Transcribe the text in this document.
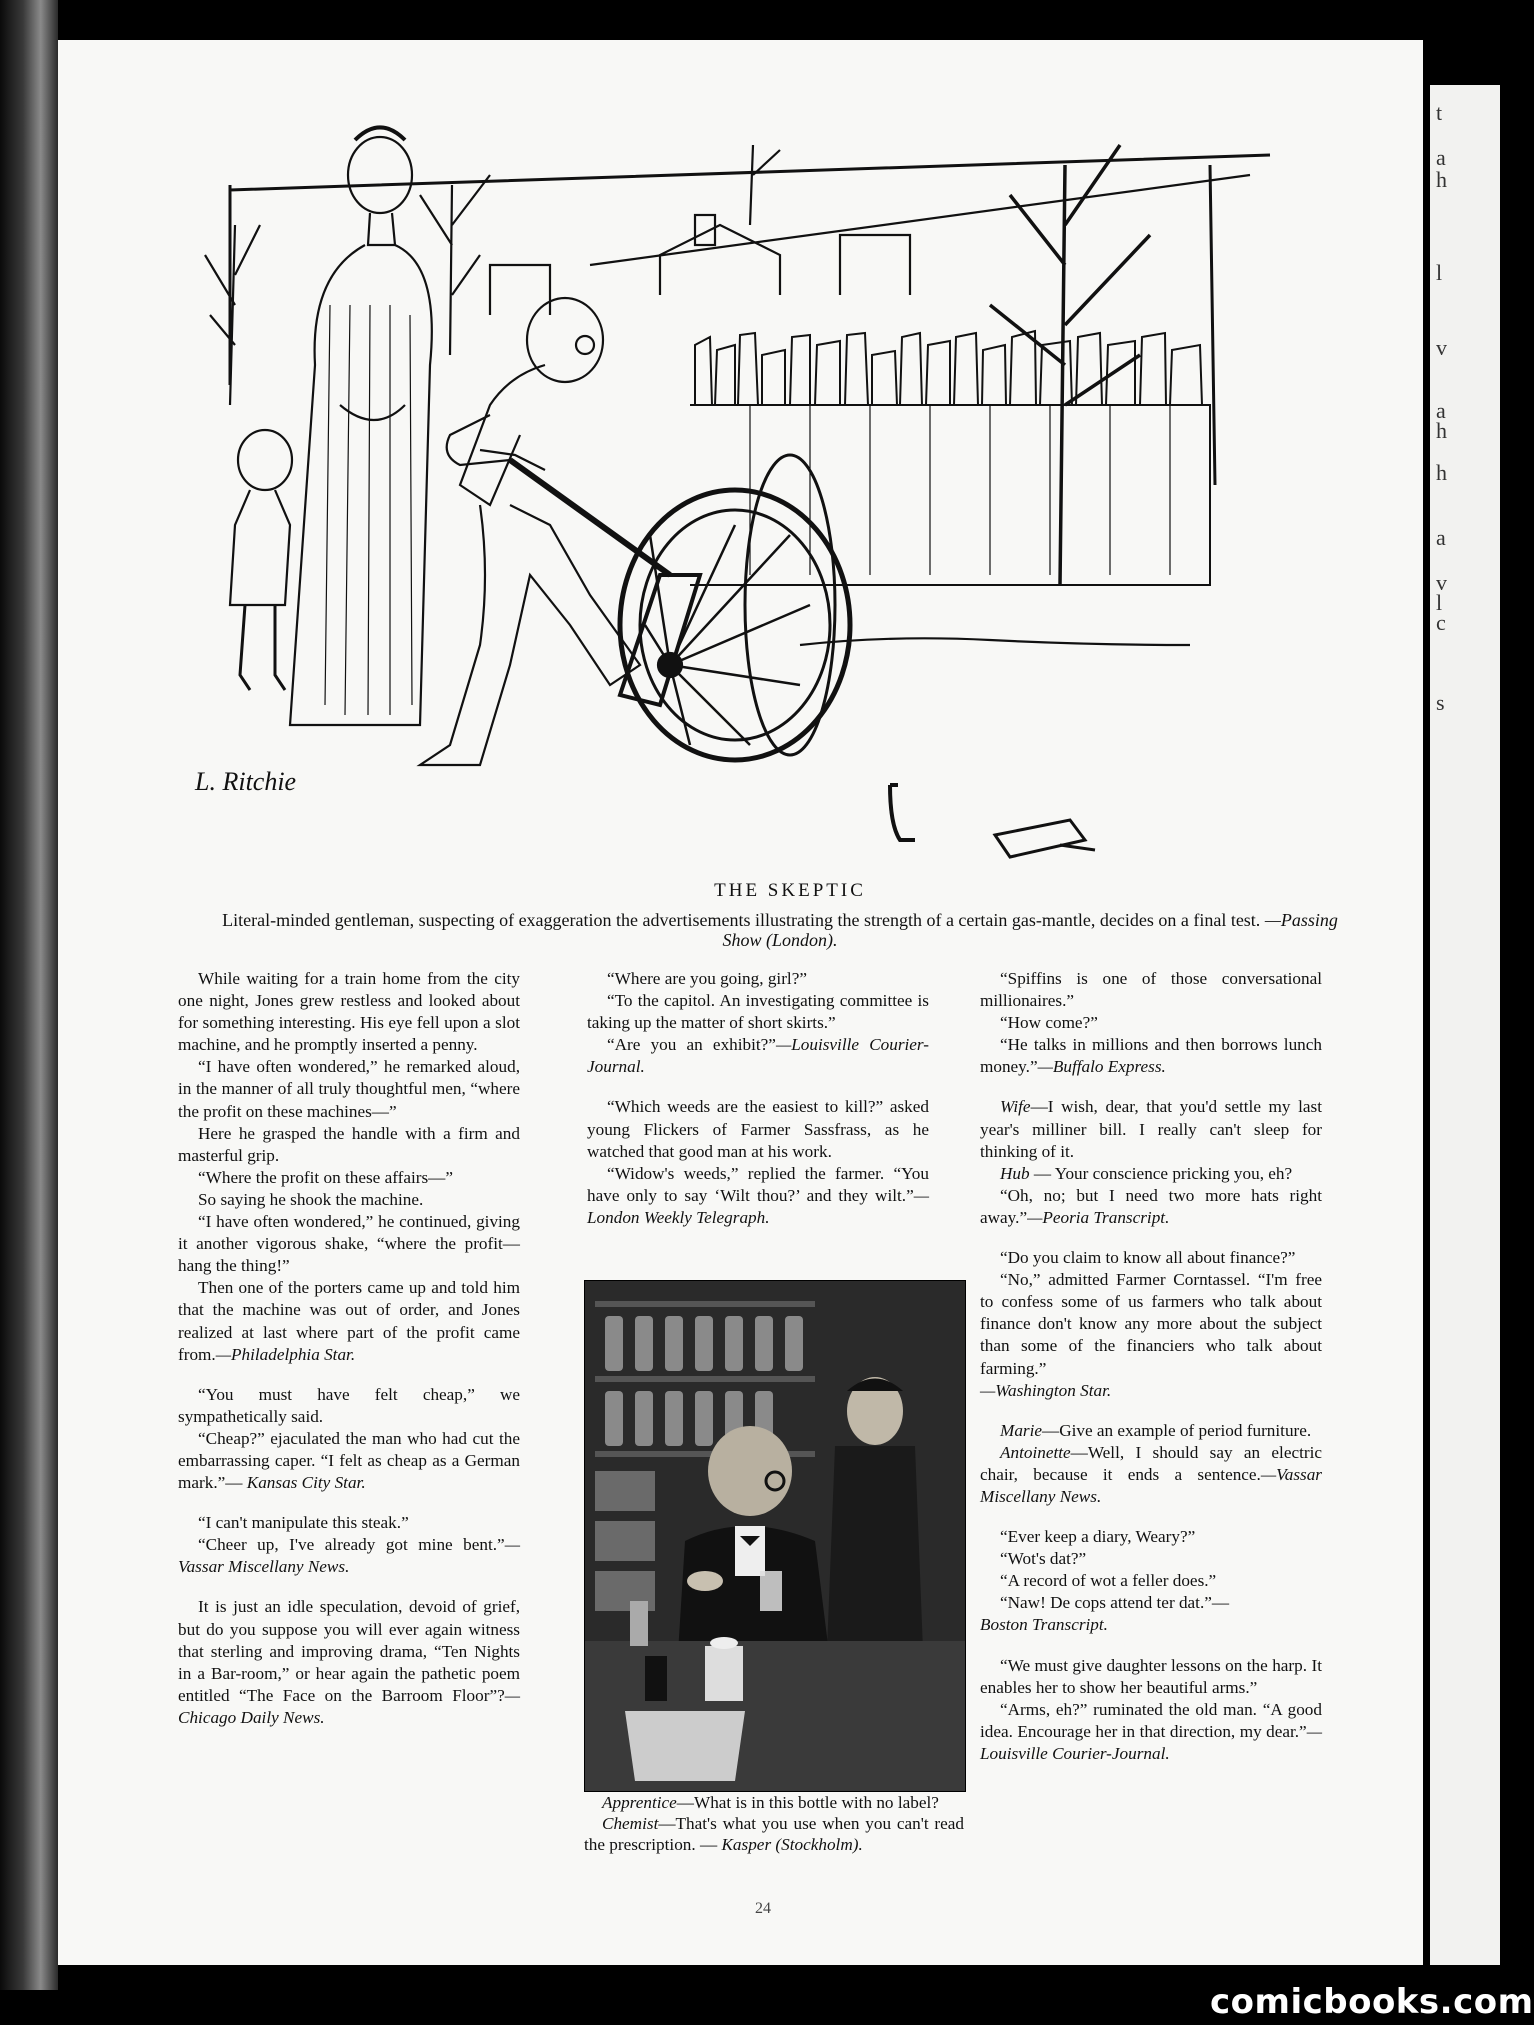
t
a
h
l
v
a
h
h
a
v
l
c
s
L. Ritchie
THE SKEPTIC
Literal-minded gentleman, suspecting of exaggeration the advertisements illustrating the strength of a certain gas-mantle, decides on a final test. —Passing Show (London).

While waiting for a train home from the city one night, Jones grew restless and looked about for something interesting. His eye fell upon a slot machine, and he promptly inserted a penny.

“I have often wondered,” he remarked aloud, in the manner of all truly thoughtful men, “where the profit on these machines—”

Here he grasped the handle with a firm and masterful grip.

“Where the profit on these affairs—”

So saying he shook the machine.

“I have often wondered,” he continued, giving it another vigorous shake, “where the profit—hang the thing!”

Then one of the porters came up and told him that the machine was out of order, and Jones realized at last where part of the profit came from.—Philadelphia Star.

“You must have felt cheap,” we sympathetically said.

“Cheap?” ejaculated the man who had cut the embarrassing caper. “I felt as cheap as a German mark.”— Kansas City Star.

“I can't manipulate this steak.”

“Cheer up, I've already got mine bent.”—Vassar Miscellany News.

It is just an idle speculation, devoid of grief, but do you suppose you will ever again witness that sterling and improving drama, “Ten Nights in a Bar-room,” or hear again the pathetic poem entitled “The Face on the Barroom Floor”?—Chicago Daily News.

“Where are you going, girl?”

“To the capitol. An investigating committee is taking up the matter of short skirts.”

“Are you an exhibit?”—Louisville Courier-Journal.

“Which weeds are the easiest to kill?” asked young Flickers of Farmer Sassfrass, as he watched that good man at his work.

“Widow's weeds,” replied the farmer. “You have only to say ‘Wilt thou?’ and they wilt.”—London Weekly Telegraph.

Apprentice—What is in this bottle with no label?

Chemist—That's what you use when you can't read the prescription. — Kasper (Stockholm).

“Spiffins is one of those conversational millionaires.”

“How come?”

“He talks in millions and then borrows lunch money.”—Buffalo Express.

Wife—I wish, dear, that you'd settle my last year's milliner bill. I really can't sleep for thinking of it.

Hub — Your conscience pricking you, eh?

“Oh, no; but I need two more hats right away.”—Peoria Transcript.

“Do you claim to know all about finance?”

“No,” admitted Farmer Corntassel. “I'm free to confess some of us farmers who talk about finance don't know any more about the subject than some of the financiers who talk about farming.”
—Washington Star.

Marie—Give an example of period furniture.

Antoinette—Well, I should say an electric chair, because it ends a sentence.—Vassar Miscellany News.

“Ever keep a diary, Weary?”

“Wot's dat?”

“A record of wot a feller does.”

“Naw! De cops attend ter dat.”—
Boston Transcript.

“We must give daughter lessons on the harp. It enables her to show her beautiful arms.”

“Arms, eh?” ruminated the old man. “A good idea. Encourage her in that direction, my dear.”—Louisville Courier-Journal.

24
comicbooks.com
